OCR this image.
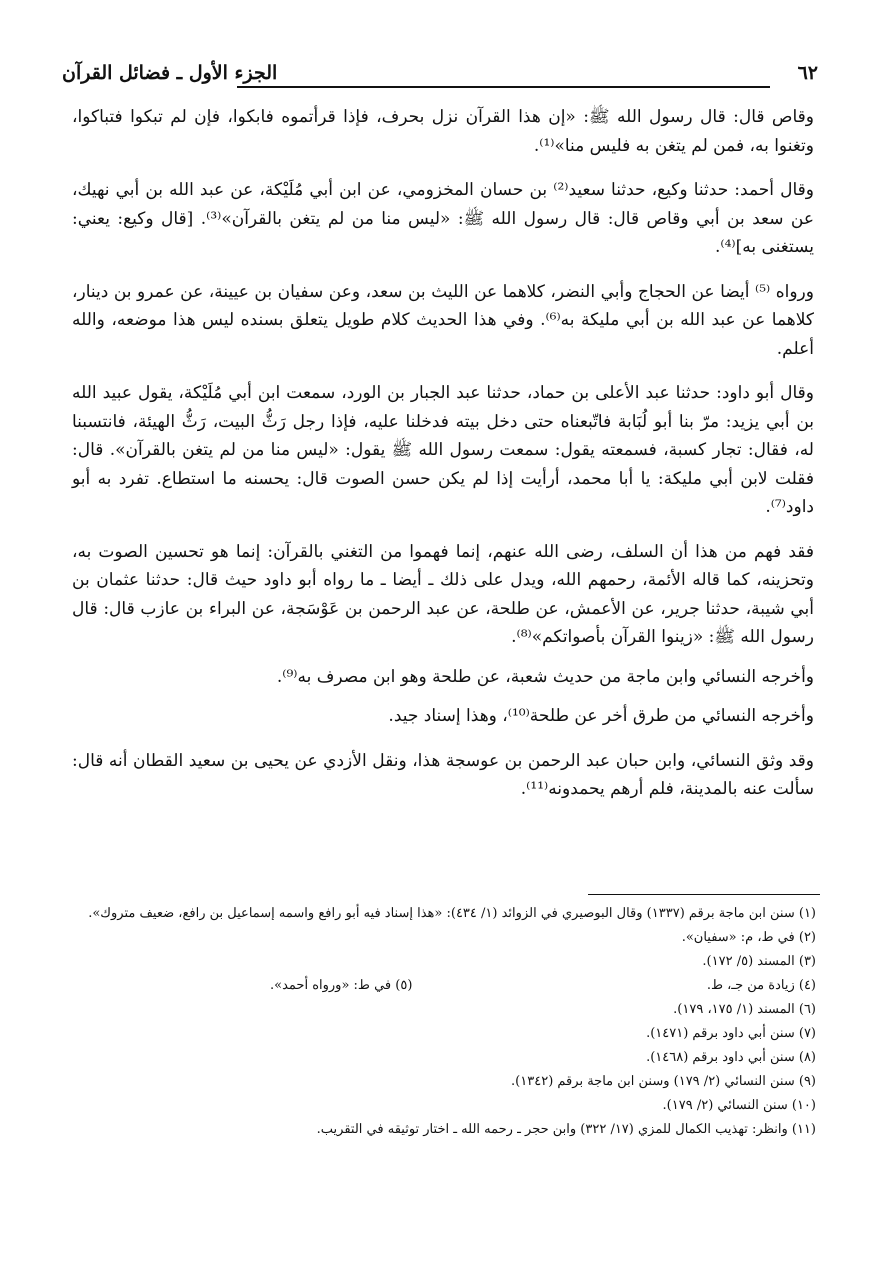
٦٢
الجزء الأول ـ فضائل القرآن

وقاص قال: قال رسول الله ﷺ: «إن هذا القرآن نزل بحرف، فإذا قرأتموه فابكوا، فإن لم تبكوا فتباكوا، وتغنوا به، فمن لم يتغن به فليس منا»⁽¹⁾.

وقال أحمد: حدثنا وكيع، حدثنا سعيد⁽²⁾ بن حسان المخزومي، عن ابن أبي مُلَيْكة، عن عبد الله بن أبي نهيك، عن سعد بن أبي وقاص قال: قال رسول الله ﷺ: «ليس منا من لم يتغن بالقرآن»⁽³⁾. [قال وكيع: يعني: يستغنى به]⁽⁴⁾.

ورواه ⁽⁵⁾ أيضا عن الحجاج وأبي النضر، كلاهما عن الليث بن سعد، وعن سفيان بن عيينة، عن عمرو بن دينار، كلاهما عن عبد الله بن أبي مليكة به⁽⁶⁾. وفي هذا الحديث كلام طويل يتعلق بسنده ليس هذا موضعه، والله أعلم.

وقال أبو داود: حدثنا عبد الأعلى بن حماد، حدثنا عبد الجبار بن الورد، سمعت ابن أبي مُلَيْكة، يقول عبيد الله بن أبي يزيد: مرّ بنا أبو لُبَابة فاتّبعناه حتى دخل بيته فدخلنا عليه، فإذا رجل رَثُّ البيت، رَثُّ الهيئة، فانتسبنا له، فقال: تجار كسبة، فسمعته يقول: سمعت رسول الله ﷺ يقول: «ليس منا من لم يتغن بالقرآن». قال: فقلت لابن أبي مليكة: يا أبا محمد، أرأيت إذا لم يكن حسن الصوت قال: يحسنه ما استطاع. تفرد به أبو داود⁽⁷⁾.

فقد فهم من هذا أن السلف، رضى الله عنهم، إنما فهموا من التغني بالقرآن: إنما هو تحسين الصوت به، وتحزينه، كما قاله الأئمة، رحمهم الله، ويدل على ذلك ـ أيضا ـ ما رواه أبو داود حيث قال: حدثنا عثمان بن أبي شيبة، حدثنا جرير، عن الأعمش، عن طلحة، عن عبد الرحمن بن عَوْسَجة، عن البراء بن عازب قال: قال رسول الله ﷺ: «زينوا القرآن بأصواتكم»⁽⁸⁾.

وأخرجه النسائي وابن ماجة من حديث شعبة، عن طلحة وهو ابن مصرف به⁽⁹⁾.

وأخرجه النسائي من طرق أخر عن طلحة⁽¹⁰⁾، وهذا إسناد جيد.

وقد وثق النسائي، وابن حبان عبد الرحمن بن عوسجة هذا، ونقل الأزدي عن يحيى بن سعيد القطان أنه قال: سألت عنه بالمدينة، فلم أرهم يحمدونه⁽¹¹⁾.

(١) سنن ابن ماجة برقم (١٣٣٧) وقال البوصيري في الزوائد (١/ ٤٣٤): «هذا إسناد فيه أبو رافع واسمه إسماعيل بن رافع، ضعيف متروك».

(٢) في ط، م: «سفيان».

(٣) المسند (٥/ ١٧٢).

(٤) زيادة من جـ، ط.

(٥) في ط: «ورواه أحمد».

(٦) المسند (١/ ١٧٥، ١٧٩).

(٧) سنن أبي داود برقم (١٤٧١).

(٨) سنن أبي داود برقم (١٤٦٨).

(٩) سنن النسائي (٢/ ١٧٩) وسنن ابن ماجة برقم (١٣٤٢).

(١٠) سنن النسائي (٢/ ١٧٩).

(١١) وانظر: تهذيب الكمال للمزي (١٧/ ٣٢٢) وابن حجر ـ رحمه الله ـ اختار توثيقه في التقريب.
